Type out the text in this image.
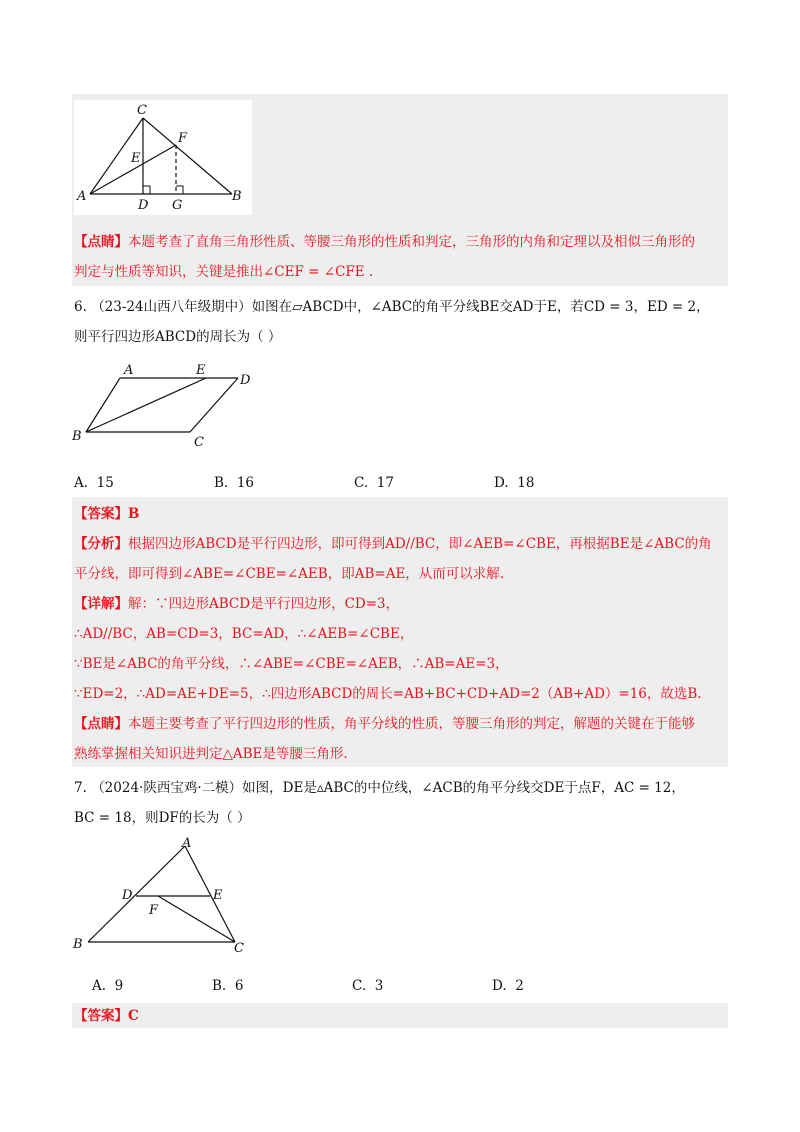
C
F
E
A
D G
B
【点睛】本题考查了直角三角形性质、等腰三角形的性质和判定，三角形的内角和定理以及相似三角形的
判定与性质等知识，关键是推出∠CEF = ∠CFE .
6. （23-24山西八年级期中）如图在▱ABCD中，∠ABC的角平分线BE交AD于E，若CD = 3，ED = 2，
则平行四边形ABCD的周长为（ ）
A	E
D
B	C
A. 15	B. 16	C. 17	D. 18
【答案】B
【分析】根据四边形ABCD是平行四边形，即可得到AD//BC，即∠AEB=∠CBE，再根据BE是∠ABC的角
平分线，即可得到∠ABE=∠CBE=∠AEB，即AB=AE，从而可以求解.
【详解】解：∵四边形ABCD是平行四边形，CD=3，
∴AD//BC，AB=CD=3，BC=AD，∴∠AEB=∠CBE，
∵BE是∠ABC的角平分线，∴∠ABE=∠CBE=∠AEB，∴AB=AE=3，
∵ED=2，∴AD=AE+DE=5，∴四边形ABCD的周长=AB+BC+CD+AD=2（AB+AD）=16，故选B.
【点睛】本题主要考查了平行四边形的性质，角平分线的性质，等腰三角形的判定，解题的关键在于能够
熟练掌握相关知识进判定△ABE是等腰三角形.
7. （2024·陕西宝鸡·二模）如图，DE是▵ABC的中位线，∠ACB的角平分线交DE于点F，AC = 12，
BC = 18，则DF的长为（ ）
A
D	E
F
B	C
A. 9	B. 6	C. 3	D. 2
【答案】C
